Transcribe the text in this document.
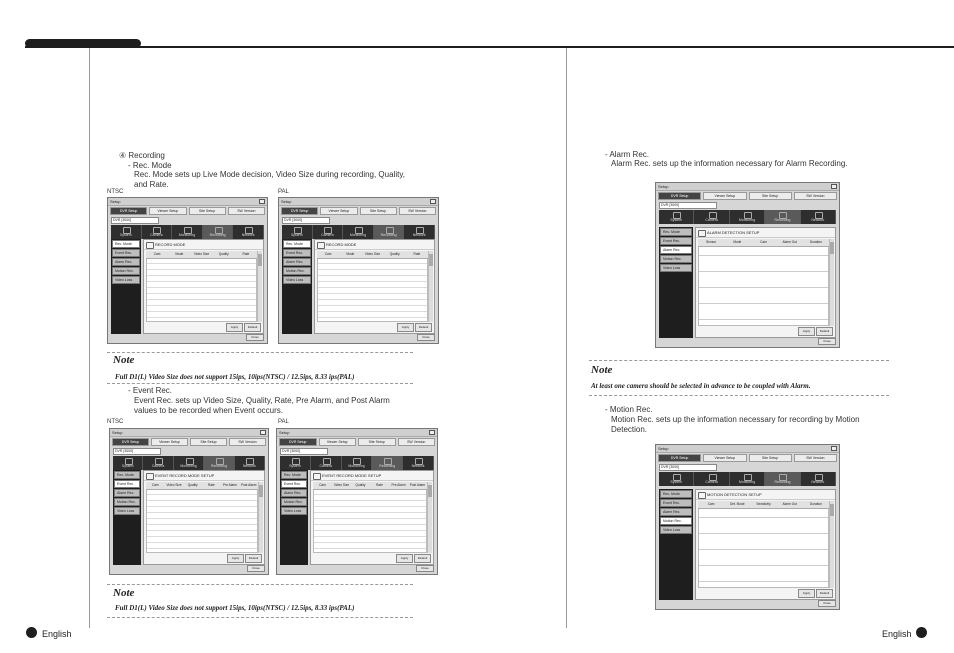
④ Recording
- Rec. Mode
Rec. Mode sets up Live Mode decision, Video Size during recording, Quality, and Rate.
NTSC	PAL
Setup
DVR Setup	Viewer Setup	Site Setup	SW Version
DVR [3000]
System	Camera	Monitoring	Recording	Network
Rec. Mode
Event Rec.
Alarm Rec.
Motion Rec.
Video Loss
RECORD MODE
Cam	Mode	Video Size	Quality	Rate
Apply	Default
Close
Setup
DVR Setup	Viewer Setup	Site Setup	SW Version
DVR [3000]
System	Camera	Monitoring	Recording	Network
Rec. Mode
Event Rec.
Alarm Rec.
Motion Rec.
Video Loss
RECORD MODE
Cam	Mode	Video Size	Quality	Rate
Apply	Default
Close
Note
Full D1(L) Video Size does not support 15ips, 10ips(NTSC) / 12.5ips, 8.33 ips(PAL)
- Event Rec.
Event Rec. sets up Video Size, Quality, Rate, Pre Alarm, and Post Alarm values to be recorded when Event occurs.
NTSC	PAL
Setup
DVR Setup	Viewer Setup	Site Setup	SW Version
DVR [3000]
System	Camera	Monitoring	Recording	Network
Rec. Mode
Event Rec.
Alarm Rec.
Motion Rec.
Video Loss
EVENT RECORD MODE SETUP
Cam	Video Size	Quality	Rate	Pre Alarm	Post Alarm
Apply	Default
Close
Setup
DVR Setup	Viewer Setup	Site Setup	SW Version
DVR [3000]
System	Camera	Monitoring	Recording	Network
Rec. Mode
Event Rec.
Alarm Rec.
Motion Rec.
Video Loss
EVENT RECORD MODE SETUP
Cam	Video Size	Quality	Rate	Pre Alarm	Post Alarm
Apply	Default
Close
Note
Full D1(L) Video Size does not support 15ips, 10ips(NTSC) / 12.5ips, 8.33 ips(PAL)
- Alarm Rec.
Alarm Rec. sets up the information necessary for Alarm Recording.
Setup
DVR Setup	Viewer Setup	Site Setup	SW Version
DVR [3000]
System	Camera	Monitoring	Recording	Network
Rec. Mode
Event Rec.
Alarm Rec.
Motion Rec.
Video Loss
ALARM DETECTION SETUP
Sensor	Mode	Cam	Alarm Out	Duration
Apply	Default
Close
Note
At least one camera should be selected in advance to be coupled with Alarm.
- Motion Rec.
Motion Rec. sets up the information necessary for recording by Motion Detection.
Setup
DVR Setup	Viewer Setup	Site Setup	SW Version
DVR [3000]
System	Camera	Monitoring	Recording	Network
Rec. Mode
Event Rec.
Alarm Rec.
Motion Rec.
Video Loss
MOTION DETECTION SETUP
Cam	Det. Mode	Sensitivity	Alarm Out	Duration
Apply	Default
Close
English	English
